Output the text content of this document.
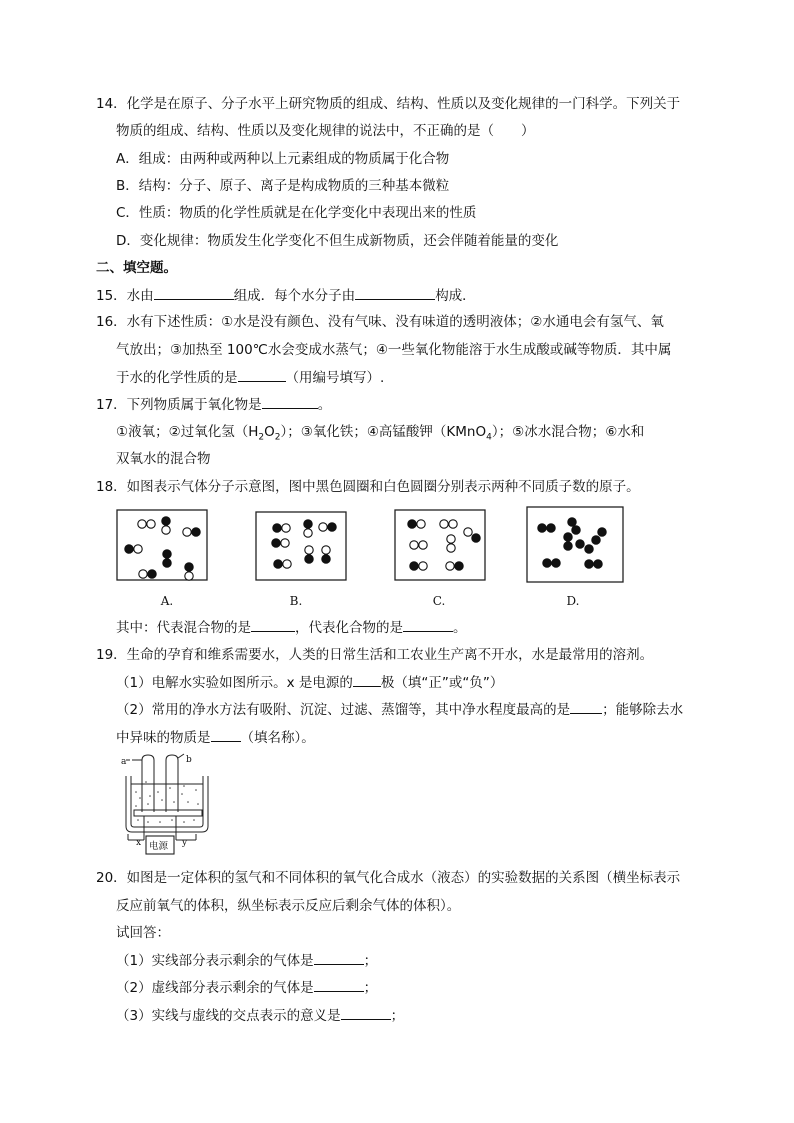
14．化学是在原子、分子水平上研究物质的组成、结构、性质以及变化规律的一门科学。下列关于
物质的组成、结构、性质以及变化规律的说法中，不正确的是（　　）
A．组成：由两种或两种以上元素组成的物质属于化合物
B．结构：分子、原子、离子是构成物质的三种基本微粒
C．性质：物质的化学性质就是在化学变化中表现出来的性质
D．变化规律：物质发生化学变化不但生成新物质，还会伴随着能量的变化
二、填空题。
15．水由	组成．每个水分子由	构成．
16．水有下述性质：①水是没有颜色、没有气味、没有味道的透明液体；②水通电会有氢气、氧
气放出；③加热至 100℃水会变成水蒸气；④一些氧化物能溶于水生成酸或碱等物质．其中属
于水的化学性质的是	（用编号填写）.
17．下列物质属于氧化物是	。
①液氧；②过氧化氢$(H_2O_2)$；③氧化铁；④高锰酸钾（KMnO$_4$）；⑤冰水混合物；⑥水和
双氧水的混合物
18．如图表示气体分子示意图，图中黑色圆圈和白色圆圈分别表示两种不同质子数的原子。
A.	B.	C.	D.
其中：代表混合物的是	，代表化合物的是	。
19．生命的孕育和维系需要水，人类的日常生活和工农业生产离不开水，水是最常用的溶剂。
（1）电解水实验如图所示。x 是电源的 极（填“正”或“负”）
（2）常用的净水方法有吸附、沉淀、过滤、蒸馏等，其中净水程度最高的是 ；能够除去水
中异味的物质是 （填名称）。
a	b
x	y
电源
20．如图是一定体积的氢气和不同体积的氧气化合成水（液态）的实验数据的关系图（横坐标表示
反应前氧气的体积，纵坐标表示反应后剩余气体的体积）。
试回答：
（1）实线部分表示剩余的气体是	；
（2）虚线部分表示剩余的气体是	；
（3）实线与虚线的交点表示的意义是	；
